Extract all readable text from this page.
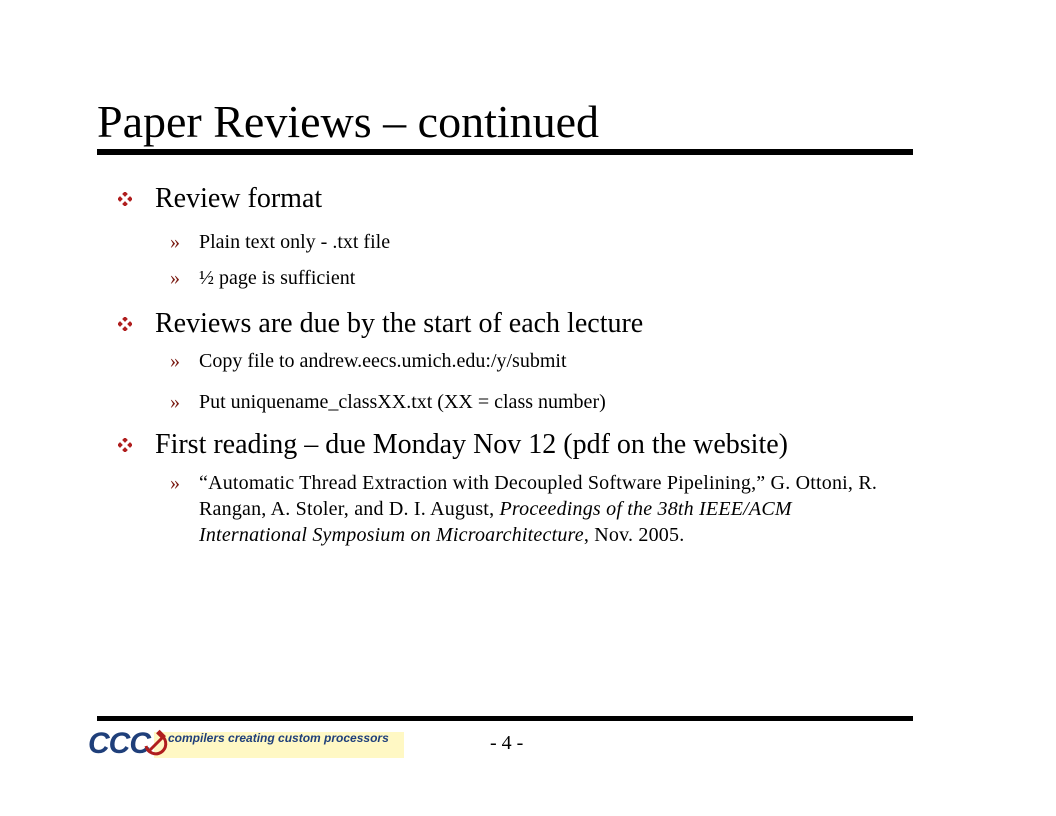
Paper Reviews – continued
Review format
» Plain text only - .txt file
» ½ page is sufficient
Reviews are due by the start of each lecture
» Copy file to andrew.eecs.umich.edu:/y/submit
» Put uniquename_classXX.txt (XX = class number)
First reading – due Monday Nov 12 (pdf on the website)
» “Automatic Thread Extraction with Decoupled Software Pipelining,” G. Ottoni, R. Rangan, A. Stoler, and D. I. August, Proceedings of the 38th IEEE/ACM International Symposium on Microarchitecture, Nov. 2005.
CCC compilers creating custom processors	- 4 -
